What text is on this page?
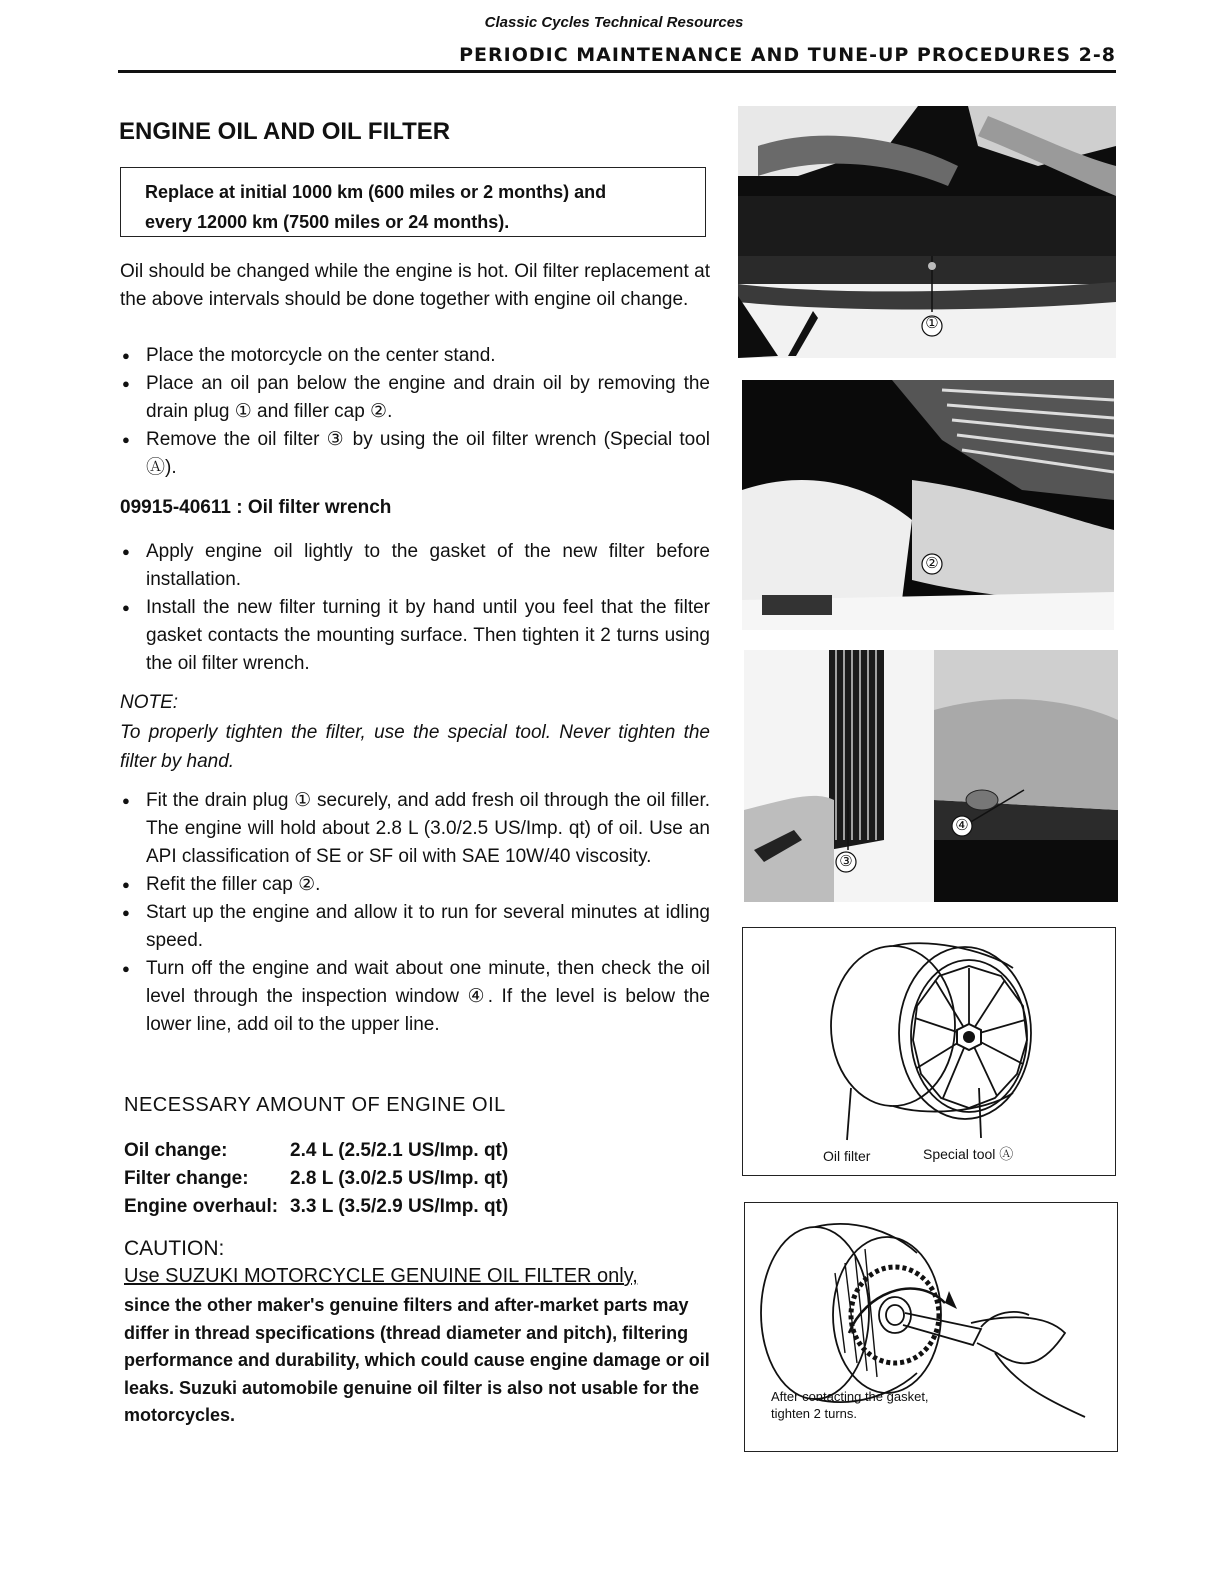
Classic Cycles Technical Resources
PERIODIC MAINTENANCE AND TUNE-UP PROCEDURES 2-8
ENGINE OIL AND OIL FILTER
Replace at initial 1000 km (600 miles or 2 months) and
every 12000 km (7500 miles or 24 months).
Oil should be changed while the engine is hot. Oil filter replacement at the above intervals should be done together with engine oil change.
● Place the motorcycle on the center stand.
● Place an oil pan below the engine and drain oil by removing the drain plug ① and filler cap ②.
● Remove the oil filter ③ by using the oil filter wrench (Special tool Ⓐ).
09915-40611 : Oil filter wrench
● Apply engine oil lightly to the gasket of the new filter before installation.
● Install the new filter turning it by hand until you feel that the filter gasket contacts the mounting surface. Then tighten it 2 turns using the oil filter wrench.
NOTE:
To properly tighten the filter, use the special tool. Never tighten the filter by hand.
● Fit the drain plug ① securely, and add fresh oil through the oil filler. The engine will hold about 2.8 L (3.0/2.5 US/Imp. qt) of oil. Use an API classification of SE or SF oil with SAE 10W/40 viscosity.
● Refit the filler cap ②.
● Start up the engine and allow it to run for several minutes at idling speed.
● Turn off the engine and wait about one minute, then check the oil level through the inspection window ④. If the level is below the lower line, add oil to the upper line.
NECESSARY AMOUNT OF ENGINE OIL
Oil change:	2.4 L (2.5/2.1 US/Imp. qt)
Filter change:	2.8 L (3.0/2.5 US/Imp. qt)
Engine overhaul: 3.3 L (3.5/2.9 US/Imp. qt)
CAUTION:
Use SUZUKI MOTORCYCLE GENUINE OIL FILTER only,
since the other maker's genuine filters and after-market parts may differ in thread specifications (thread diameter and pitch), filtering performance and durability, which could cause engine damage or oil leaks. Suzuki automobile genuine oil filter is also not usable for the motorcycles.
①
②
④
③
Oil filter	Special tool Ⓐ
After contacting the gasket,
tighten 2 turns.
